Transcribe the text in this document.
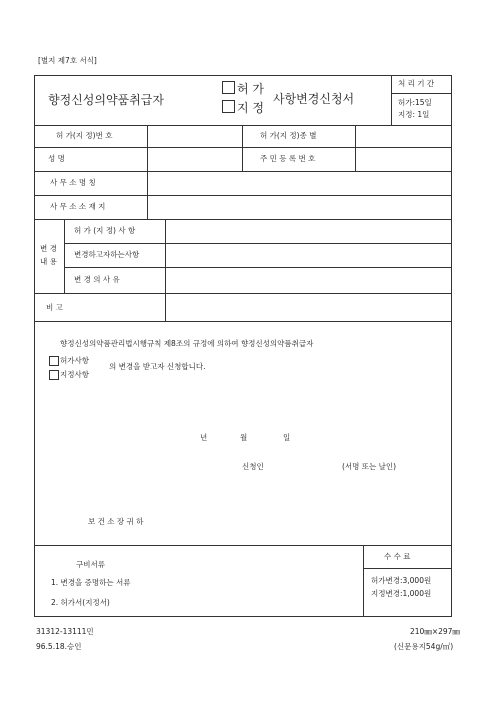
[별지 제7호 서식]
향정신성의약품취급자
허 가
지 정
사항변경신청서
처 리 기 간
허가:15일
지정: 1일
허 가(지 정)번 호	허 가(지 정)종 별
성 명	주 민 등 록 번 호
사 무 소 명 칭
사 무 소 소 재 지
변 경
내 용
허 가 (지 정) 사 항
변경하고자하는사항
변 경 의 사 유
비 고
향정신성의약품관리법시행규칙 제8조의 규정에 의하여 향정신성의약품취급자
허가사항
지정사항
의 변경을 받고자 신청합니다.
년	월	일
신청인	(서명 또는 날인)
보 건 소 장 귀 하
구비서류
1. 변경을 증명하는 서류
2. 허가서(지정서)
수 수 료
허가변경:3,000원
지정변경:1,000원
31312-13111민
96.5.18.승인
210㎜×297㎜
(신문용지54g/㎡)
